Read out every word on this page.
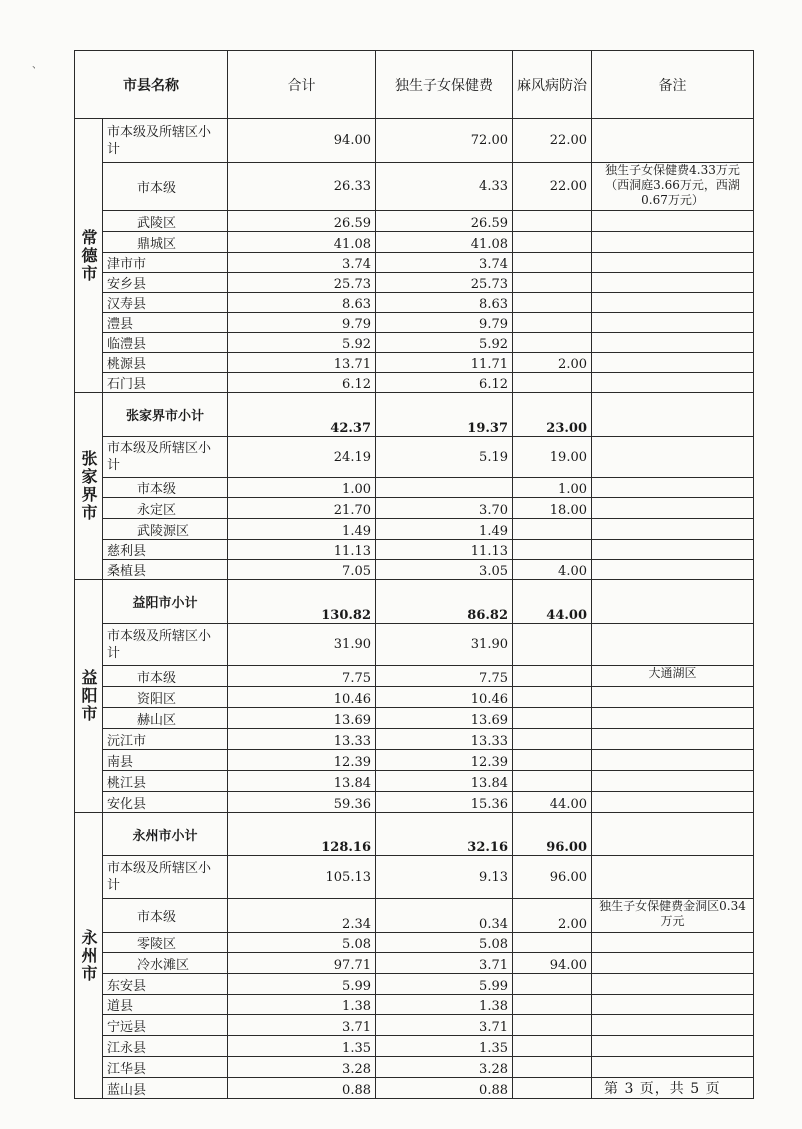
、
市县名称		合计	独生子女保健费	麻风病防治	备注
常德市	市本级及所辖区小计	94.00	72.00	22.00	
	市本级	26.33	4.33	22.00	独生子女保健费4.33万元（西洞庭3.66万元，西湖0.67万元）
	武陵区	26.59	26.59		
	鼎城区	41.08	41.08		
	津市市	3.74	3.74		
	安乡县	25.73	25.73		
	汉寿县	8.63	8.63		
	澧县	9.79	9.79		
	临澧县	5.92	5.92		
	桃源县	13.71	11.71	2.00	
	石门县	6.12	6.12		
张家界市	张家界市小计	42.37	19.37	23.00	
	市本级及所辖区小计	24.19	5.19	19.00	
	市本级	1.00		1.00	
	永定区	21.70	3.70	18.00	
	武陵源区	1.49	1.49		
	慈利县	11.13	11.13		
	桑植县	7.05	3.05	4.00	
益阳市	益阳市小计	130.82	86.82	44.00	
	市本级及所辖区小计	31.90	31.90		
	市本级	7.75	7.75		大通湖区
	资阳区	10.46	10.46		
	赫山区	13.69	13.69		
	沅江市	13.33	13.33		
	南县	12.39	12.39		
	桃江县	13.84	13.84		
	安化县	59.36	15.36	44.00	
永州市	永州市小计	128.16	32.16	96.00	
	市本级及所辖区小计	105.13	9.13	96.00	
	市本级	2.34	0.34	2.00	独生子女保健费金洞区0.34万元
	零陵区	5.08	5.08		
	冷水滩区	97.71	3.71	94.00	
	东安县	5.99	5.99		
	道县	1.38	1.38		
	宁远县	3.71	3.71		
	江永县	1.35	1.35		
	江华县	3.28	3.28		
	蓝山县	0.88	0.88			第 3 页，共 5 页
